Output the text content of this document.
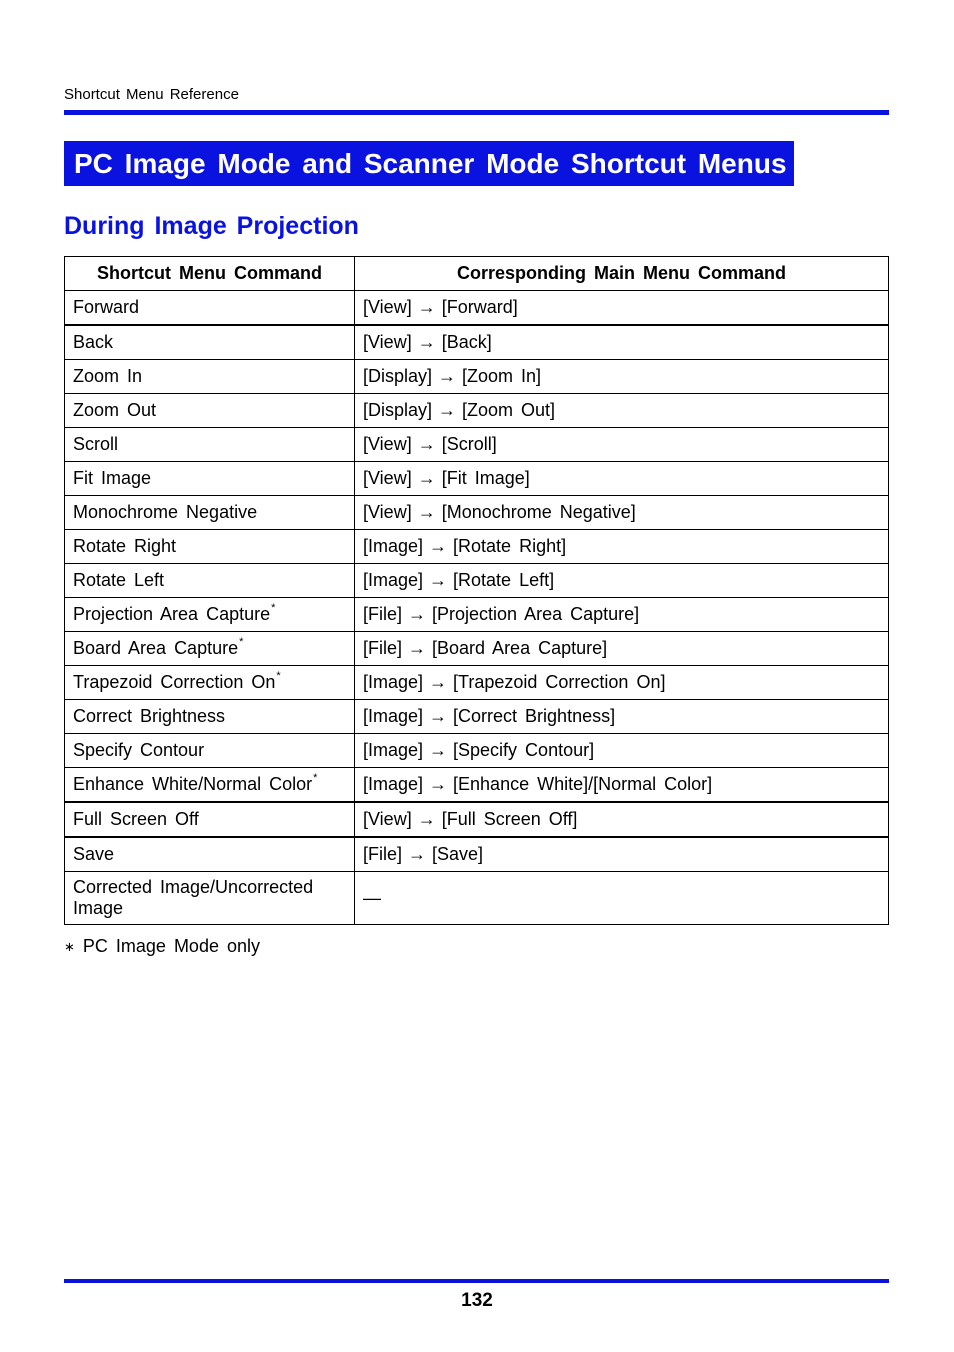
Shortcut Menu Reference
PC Image Mode and Scanner Mode Shortcut Menus
During Image Projection
Shortcut Menu Command	Corresponding Main Menu Command
Forward	[View] → [Forward]
Back	[View] → [Back]
Zoom In	[Display] → [Zoom In]
Zoom Out	[Display] → [Zoom Out]
Scroll	[View] → [Scroll]
Fit Image	[View] → [Fit Image]
Monochrome Negative	[View] → [Monochrome Negative]
Rotate Right	[Image] → [Rotate Right]
Rotate Left	[Image] → [Rotate Left]
Projection Area Capture*	[File] → [Projection Area Capture]
Board Area Capture*	[File] → [Board Area Capture]
Trapezoid Correction On*	[Image] → [Trapezoid Correction On]
Correct Brightness	[Image] → [Correct Brightness]
Specify Contour	[Image] → [Specify Contour]
Enhance White/Normal Color*	[Image] → [Enhance White]/[Normal Color]
Full Screen Off	[View] → [Full Screen Off]
Save	[File] → [Save]

Corrected Image/Uncorrected
Image	—
∗ PC Image Mode only
132
